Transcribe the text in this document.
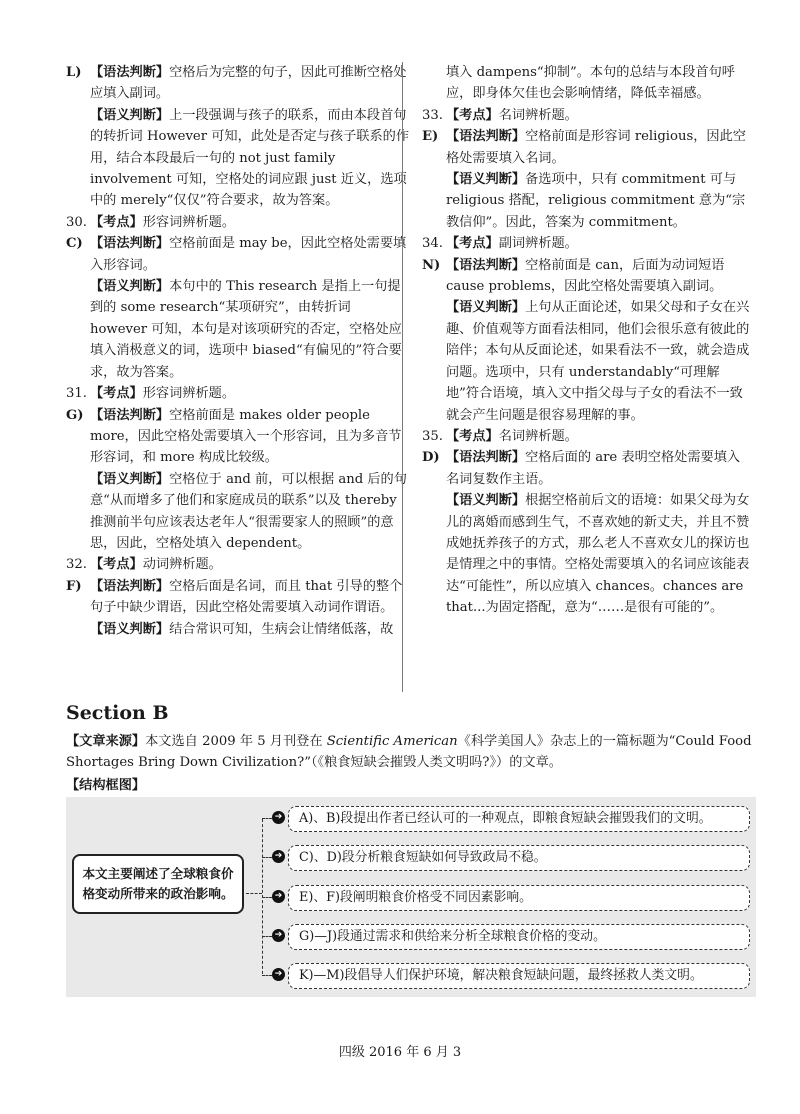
L) 【语法判断】空格后为完整的句子，因此可推断空格处应填入副词。

【语义判断】上一段强调与孩子的联系，而由本段首句的转折词 However 可知，此处是否定与孩子联系的作用，结合本段最后一句的 not just family involvement 可知，空格处的词应跟 just 近义，选项中的 merely“仅仅”符合要求，故为答案。

30. 【考点】形容词辨析题。
C) 【语法判断】空格前面是 may be，因此空格处需要填入形容词。

【语义判断】本句中的 This research 是指上一句提到的 some research“某项研究”，由转折词 however 可知，本句是对该项研究的否定，空格处应填入消极意义的词，选项中 biased“有偏见的”符合要求，故为答案。

31. 【考点】形容词辨析题。
G) 【语法判断】空格前面是 makes older people more，因此空格处需要填入一个形容词，且为多音节形容词，和 more 构成比较级。

【语义判断】空格位于 and 前，可以根据 and 后的句意“从而增多了他们和家庭成员的联系”以及 thereby 推测前半句应该表达老年人“很需要家人的照顾”的意思，因此，空格处填入 dependent。

32. 【考点】动词辨析题。
F) 【语法判断】空格后面是名词，而且 that 引导的整个句子中缺少谓语，因此空格处需要填入动词作谓语。

【语义判断】结合常识可知，生病会让情绪低落，故

填入 dampens“抑制”。本句的总结与本段首句呼应，即身体欠佳也会影响情绪，降低幸福感。

33. 【考点】名词辨析题。
E) 【语法判断】空格前面是形容词 religious，因此空格处需要填入名词。

【语义判断】备选项中，只有 commitment 可与 religious 搭配，religious commitment 意为“宗教信仰”。因此，答案为 commitment。

34. 【考点】副词辨析题。
N) 【语法判断】空格前面是 can，后面为动词短语 cause problems，因此空格处需要填入副词。

【语义判断】上句从正面论述，如果父母和子女在兴趣、价值观等方面看法相同，他们会很乐意有彼此的陪伴；本句从反面论述，如果看法不一致，就会造成问题。选项中，只有 understandably“可理解地”符合语境，填入文中指父母与子女的看法不一致就会产生问题是很容易理解的事。

35. 【考点】名词辨析题。
D) 【语法判断】空格后面的 are 表明空格处需要填入名词复数作主语。

【语义判断】根据空格前后文的语境：如果父母为女儿的离婚而感到生气，不喜欢她的新丈夫，并且不赞成她抚养孩子的方式，那么老人不喜欢女儿的探访也是情理之中的事情。空格处需要填入的名词应该能表达“可能性”，所以应填入 chances。chances are that...为固定搭配，意为“……是很有可能的”。

Section B

【文章来源】本文选自 2009 年 5 月刊登在 Scientific American《科学美国人》杂志上的一篇标题为“Could Food Shortages Bring Down Civilization?”（《粮食短缺会摧毁人类文明吗?》）的文章。

【结构框图】
本文主要阐述了全球粮食价格变动所带来的政治影响。
➔	A)、B)段提出作者已经认可的一种观点，即粮食短缺会摧毁我们的文明。
➔	C)、D)段分析粮食短缺如何导致政局不稳。
➔	E)、F)段阐明粮食价格受不同因素影响。
➔	G)—J)段通过需求和供给来分析全球粮食价格的变动。
➔	K)—M)段倡导人们保护环境，解决粮食短缺问题，最终拯救人类文明。
四级 2016 年 6 月 3
